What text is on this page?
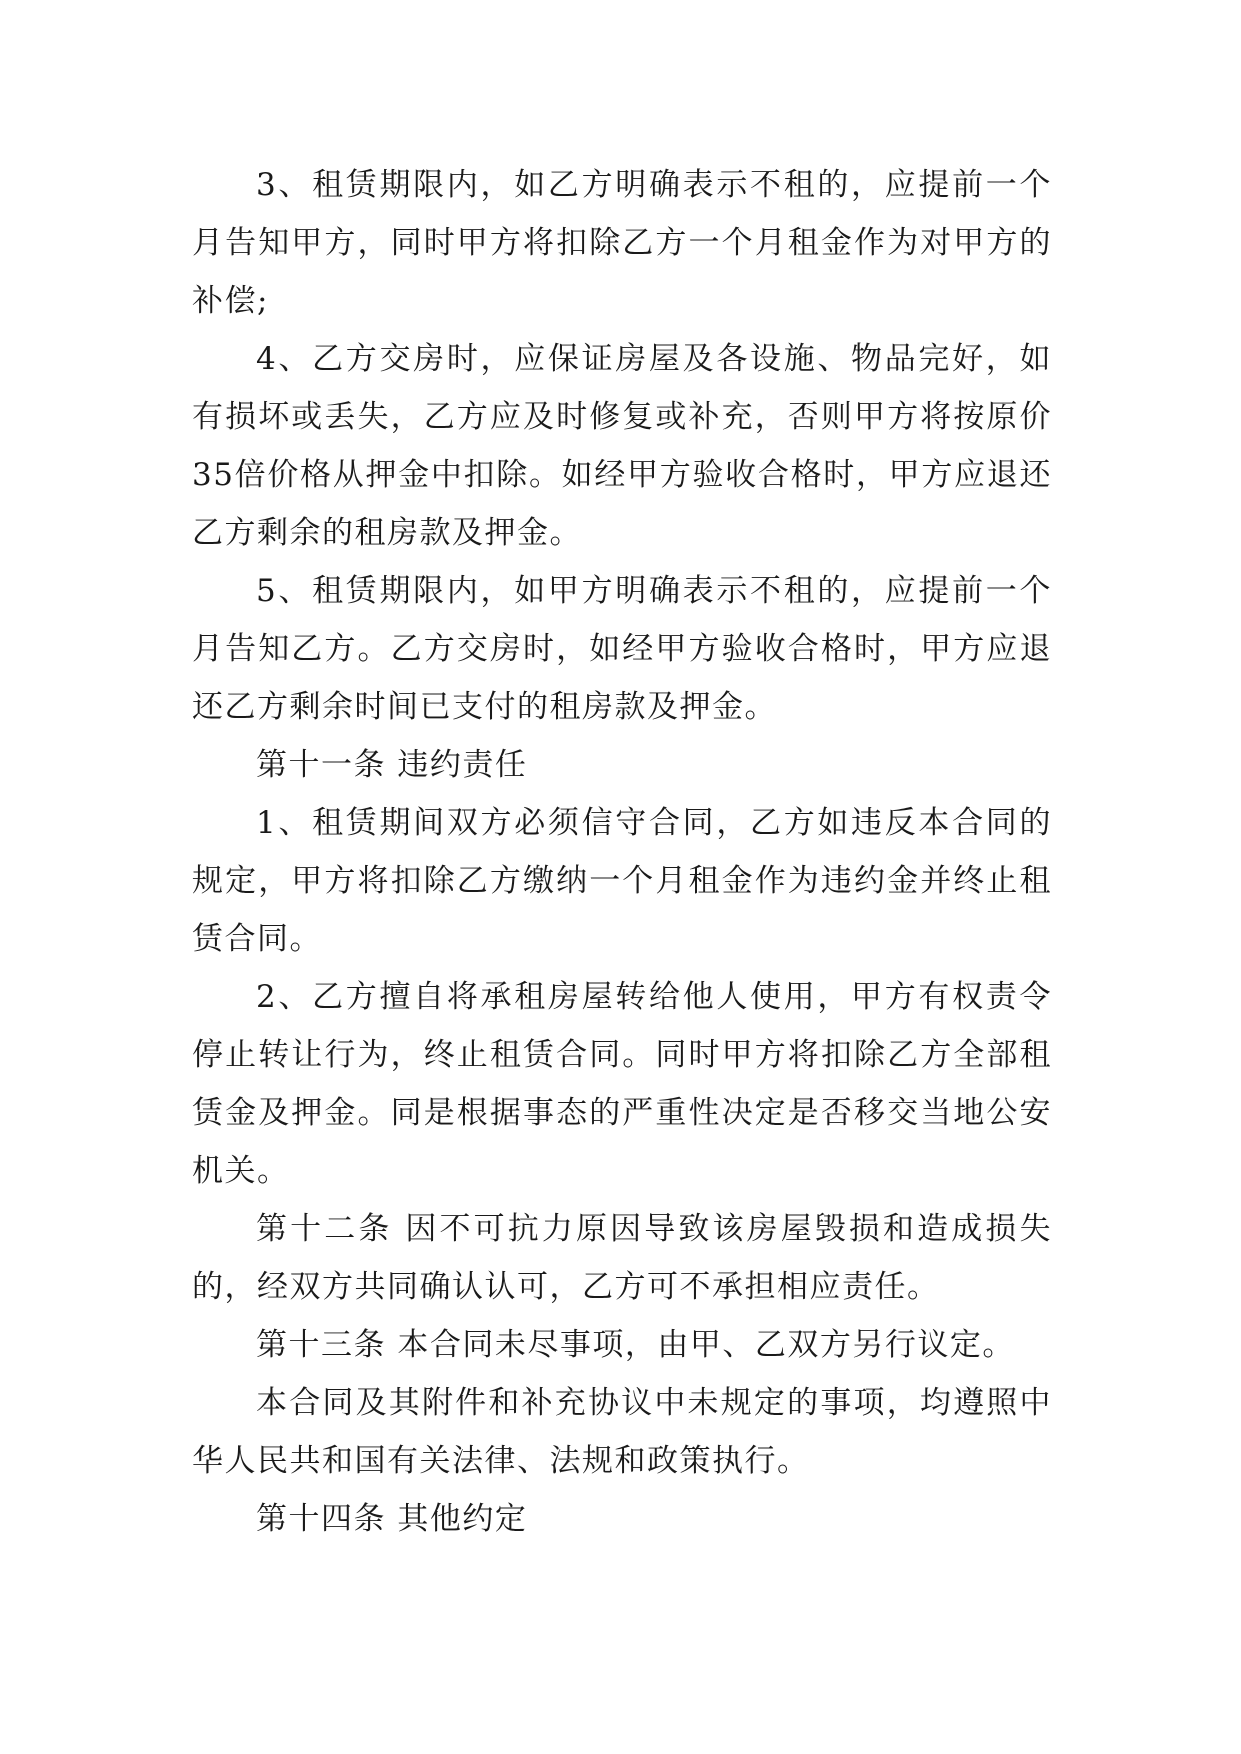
3、租赁期限内，如乙方明确表示不租的，应提前一个月告知甲方，同时甲方将扣除乙方一个月租金作为对甲方的补偿;

4、乙方交房时，应保证房屋及各设施、物品完好，如有损坏或丢失，乙方应及时修复或补充，否则甲方将按原价35倍价格从押金中扣除。如经甲方验收合格时，甲方应退还乙方剩余的租房款及押金。

5、租赁期限内，如甲方明确表示不租的，应提前一个月告知乙方。乙方交房时，如经甲方验收合格时，甲方应退还乙方剩余时间已支付的租房款及押金。

第十一条 违约责任

1、租赁期间双方必须信守合同，乙方如违反本合同的规定，甲方将扣除乙方缴纳一个月租金作为违约金并终止租赁合同。

2、乙方擅自将承租房屋转给他人使用，甲方有权责令停止转让行为，终止租赁合同。同时甲方将扣除乙方全部租赁金及押金。同是根据事态的严重性决定是否移交当地公安机关。

第十二条 因不可抗力原因导致该房屋毁损和造成损失的，经双方共同确认认可，乙方可不承担相应责任。

第十三条 本合同未尽事项，由甲、乙双方另行议定。

本合同及其附件和补充协议中未规定的事项，均遵照中华人民共和国有关法律、法规和政策执行。

第十四条 其他约定
